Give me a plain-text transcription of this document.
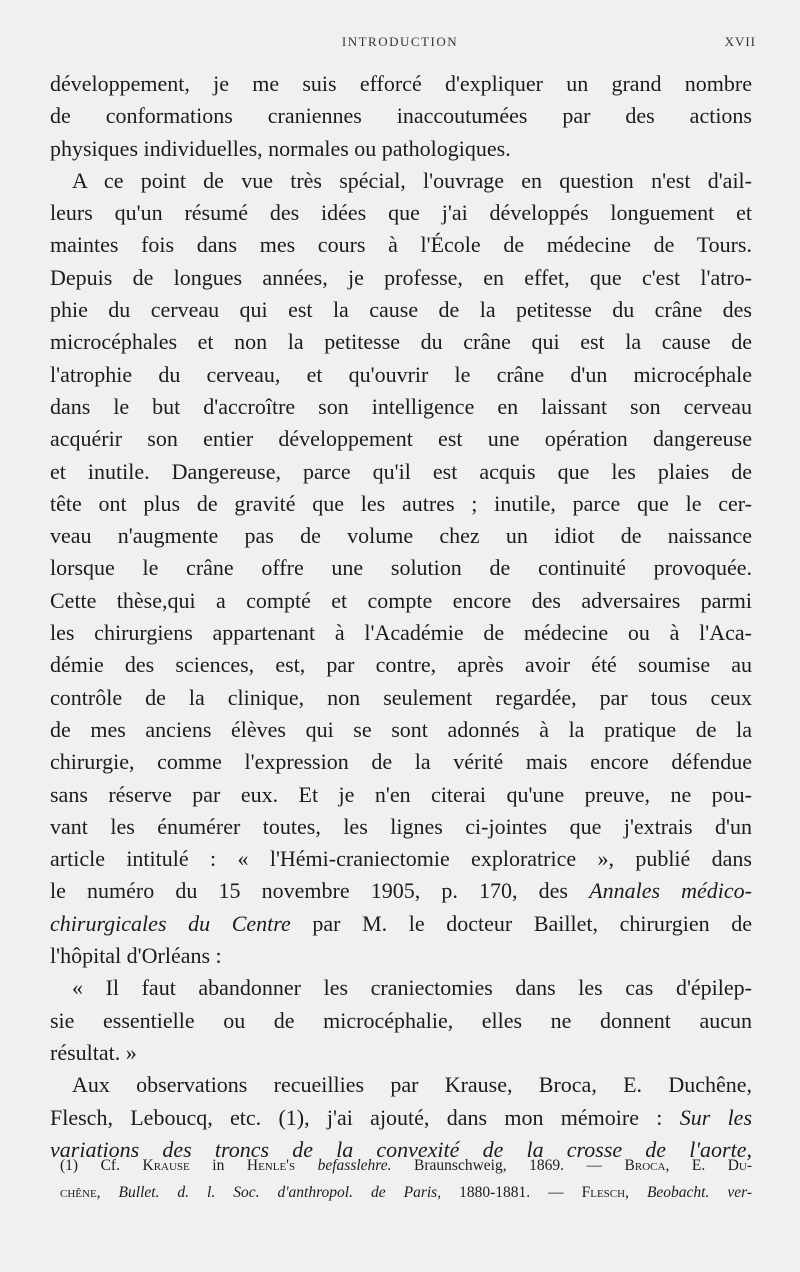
INTRODUCTION	XVII
développement, je me suis efforcé d'expliquer un grand nombre
de conformations craniennes inaccoutumées par des actions
physiques individuelles, normales ou pathologiques.
A ce point de vue très spécial, l'ouvrage en question n'est d'ail-
leurs qu'un résumé des idées que j'ai développés longuement et
maintes fois dans mes cours à l'École de médecine de Tours.
Depuis de longues années, je professe, en effet, que c'est l'atro-
phie du cerveau qui est la cause de la petitesse du crâne des
microcéphales et non la petitesse du crâne qui est la cause de
l'atrophie du cerveau, et qu'ouvrir le crâne d'un microcéphale
dans le but d'accroître son intelligence en laissant son cerveau
acquérir son entier développement est une opération dangereuse
et inutile. Dangereuse, parce qu'il est acquis que les plaies de
tête ont plus de gravité que les autres ; inutile, parce que le cer-
veau n'augmente pas de volume chez un idiot de naissance
lorsque le crâne offre une solution de continuité provoquée.
Cette thèse,qui a compté et compte encore des adversaires parmi
les chirurgiens appartenant à l'Académie de médecine ou à l'Aca-
démie des sciences, est, par contre, après avoir été soumise au
contrôle de la clinique, non seulement regardée, par tous ceux
de mes anciens élèves qui se sont adonnés à la pratique de la
chirurgie, comme l'expression de la vérité mais encore défendue
sans réserve par eux. Et je n'en citerai qu'une preuve, ne pou-
vant les énumérer toutes, les lignes ci-jointes que j'extrais d'un
article intitulé : « l'Hémi-craniectomie exploratrice », publié dans
le numéro du 15 novembre 1905, p. 170, des Annales médico-
chirurgicales du Centre par M. le docteur Baillet, chirurgien de
l'hôpital d'Orléans :
« Il faut abandonner les craniectomies dans les cas d'épilep-
sie essentielle ou de microcéphalie, elles ne donnent aucun
résultat. »
Aux observations recueillies par Krause, Broca, E. Duchêne,
Flesch, Leboucq, etc. (1), j'ai ajouté, dans mon mémoire : Sur les
variations des troncs de la convexité de la crosse de l'aorte,
(1) Cf. Krause in Henle's befasslehre. Braunschweig, 1869. — Broca, E. Du-
chêne, Bullet. d. l. Soc. d'anthropol. de Paris, 1880-1881. — Flesch, Beobacht. ver-
